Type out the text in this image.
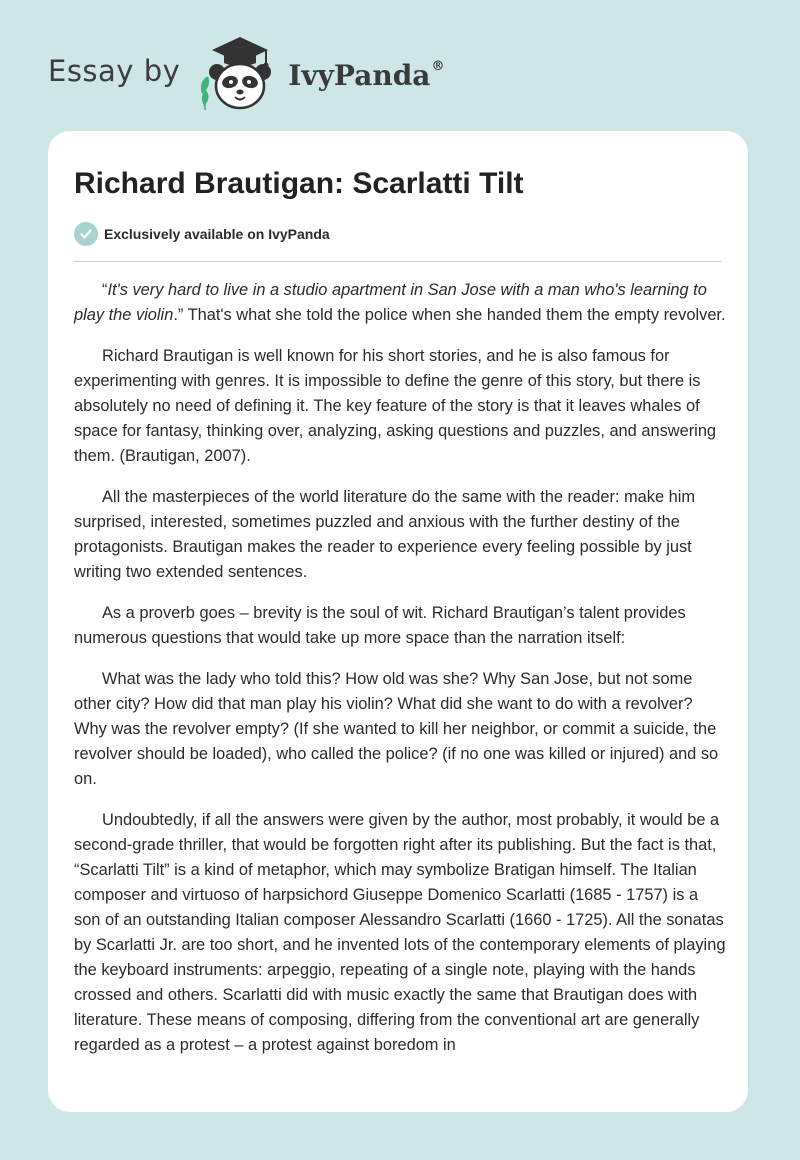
Essay by	IvyPanda®
Richard Brautigan: Scarlatti Tilt
Exclusively available on IvyPanda

“It's very hard to live in a studio apartment in San Jose with a man who's learning to play the violin.” That's what she told the police when she handed them the empty revolver.

Richard Brautigan is well known for his short stories, and he is also famous for experimenting with genres. It is impossible to define the genre of this story, but there is absolutely no need of defining it. The key feature of the story is that it leaves whales of space for fantasy, thinking over, analyzing, asking questions and puzzles, and answering them. (Brautigan, 2007).

All the masterpieces of the world literature do the same with the reader: make him surprised, interested, sometimes puzzled and anxious with the further destiny of the protagonists. Brautigan makes the reader to experience every feeling possible by just writing two extended sentences.

As a proverb goes – brevity is the soul of wit. Richard Brautigan’s talent provides numerous questions that would take up more space than the narration itself:

What was the lady who told this? How old was she? Why San Jose, but not some other city? How did that man play his violin? What did she want to do with a revolver? Why was the revolver empty? (If she wanted to kill her neighbor, or commit a suicide, the revolver should be loaded), who called the police? (if no one was killed or injured) and so on.

Undoubtedly, if all the answers were given by the author, most probably, it would be a second-grade thriller, that would be forgotten right after its publishing. But the fact is that, “Scarlatti Tilt” is a kind of metaphor, which may symbolize Bratigan himself. The Italian composer and virtuoso of harpsichord Giuseppe Domenico Scarlatti (1685 - 1757) is a son of an outstanding Italian composer Alessandro Scarlatti (1660 - 1725). All the sonatas by Scarlatti Jr. are too short, and he invented lots of the contemporary elements of playing the keyboard instruments: arpeggio, repeating of a single note, playing with the hands crossed and others. Scarlatti did with music exactly the same that Brautigan does with literature. These means of composing, differing from the conventional art are generally regarded as a protest – a protest against boredom in
